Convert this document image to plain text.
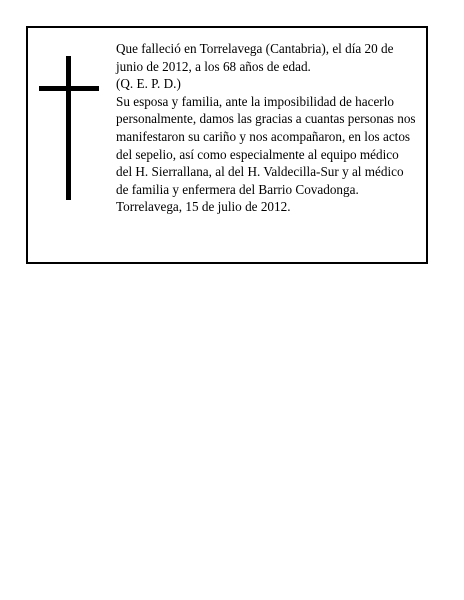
Que falleció en Torrelavega (Cantabria), el día 20 de junio de 2012, a los 68 años de edad.

(Q. E. P. D.)

Su esposa y familia, ante la imposibilidad de hacerlo personalmente, damos las gracias a cuantas personas nos manifestaron su cariño y nos acompañaron, en los actos del sepelio, así como especialmente al equipo médico del H. Sierrallana, al del H. Valdecilla-Sur y al médico de familia y enfermera del Barrio Covadonga.

Torrelavega, 15 de julio de 2012.
